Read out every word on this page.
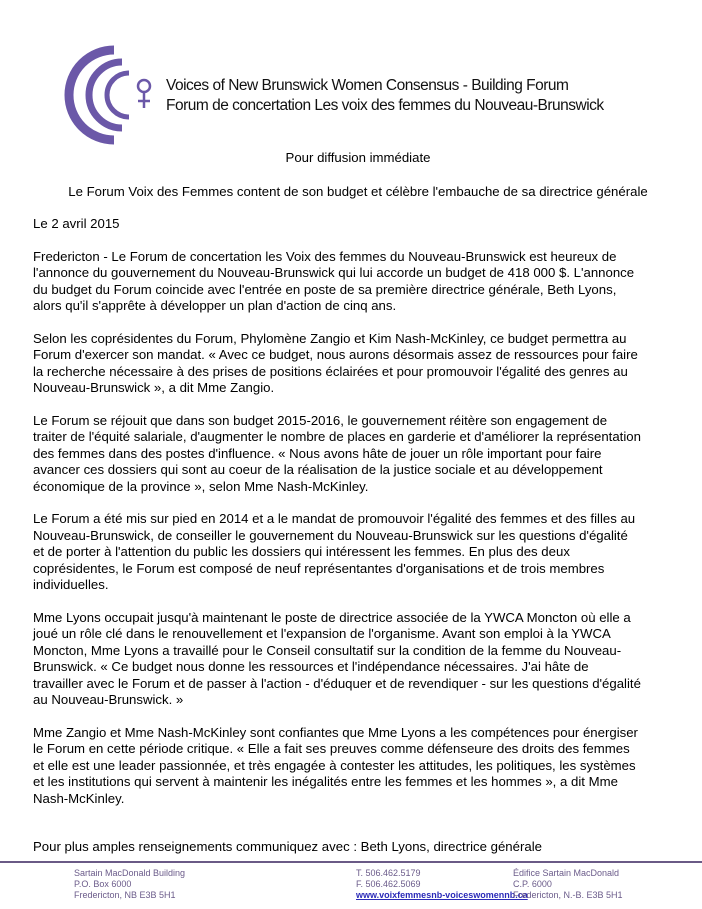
Voices of New Brunswick Women Consensus - Building Forum
Forum de concertation Les voix des femmes du Nouveau-Brunswick

Pour diffusion immédiate

Le Forum Voix des Femmes content de son budget et célèbre l'embauche de sa directrice générale

Le 2 avril 2015

Fredericton - Le Forum de concertation les Voix des femmes du Nouveau-Brunswick est heureux de
l'annonce du gouvernement du Nouveau-Brunswick qui lui accorde un budget de 418 000 $. L'annonce
du budget du Forum coincide avec l'entrée en poste de sa première directrice générale, Beth Lyons,
alors qu'il s'apprête à développer un plan d'action de cinq ans.

Selon les coprésidentes du Forum, Phylomène Zangio et Kim Nash-McKinley, ce budget permettra au
Forum d'exercer son mandat. « Avec ce budget, nous aurons désormais assez de ressources pour faire
la recherche nécessaire à des prises de positions éclairées et pour promouvoir l'égalité des genres au
Nouveau-Brunswick », a dit Mme Zangio.

Le Forum se réjouit que dans son budget 2015-2016, le gouvernement réitère son engagement de
traiter de l'équité salariale, d'augmenter le nombre de places en garderie et d'améliorer la représentation
des femmes dans des postes d'influence. « Nous avons hâte de jouer un rôle important pour faire
avancer ces dossiers qui sont au coeur de la réalisation de la justice sociale et au développement
économique de la province », selon Mme Nash-McKinley.

Le Forum a été mis sur pied en 2014 et a le mandat de promouvoir l'égalité des femmes et des filles au
Nouveau-Brunswick, de conseiller le gouvernement du Nouveau-Brunswick sur les questions d'égalité
et de porter à l'attention du public les dossiers qui intéressent les femmes. En plus des deux
coprésidentes, le Forum est composé de neuf représentantes d'organisations et de trois membres
individuelles.

Mme Lyons occupait jusqu'à maintenant le poste de directrice associée de la YWCA Moncton où elle a
joué un rôle clé dans le renouvellement et l'expansion de l'organisme. Avant son emploi à la YWCA
Moncton, Mme Lyons a travaillé pour le Conseil consultatif sur la condition de la femme du Nouveau-
Brunswick. « Ce budget nous donne les ressources et l'indépendance nécessaires. J'ai hâte de
travailler avec le Forum et de passer à l'action - d'éduquer et de revendiquer - sur les questions d'égalité
au Nouveau-Brunswick. »

Mme Zangio et Mme Nash-McKinley sont confiantes que Mme Lyons a les compétences pour énergiser
le Forum en cette période critique. « Elle a fait ses preuves comme défenseure des droits des femmes
et elle est une leader passionnée, et très engagée à contester les attitudes, les politiques, les systèmes
et les institutions qui servent à maintenir les inégalités entre les femmes et les hommes », a dit Mme
Nash-McKinley.

Pour plus amples renseignements communiquez avec : Beth Lyons, directrice générale

Sartain MacDonald Building
P.O. Box 6000
Fredericton, NB E3B 5H1
T. 506.462.5179
F. 506.462.5069
www.voixfemmesnb-voiceswomennb.ca
Édifice Sartain MacDonald
C.P. 6000
Fredericton, N.-B. E3B 5H1
